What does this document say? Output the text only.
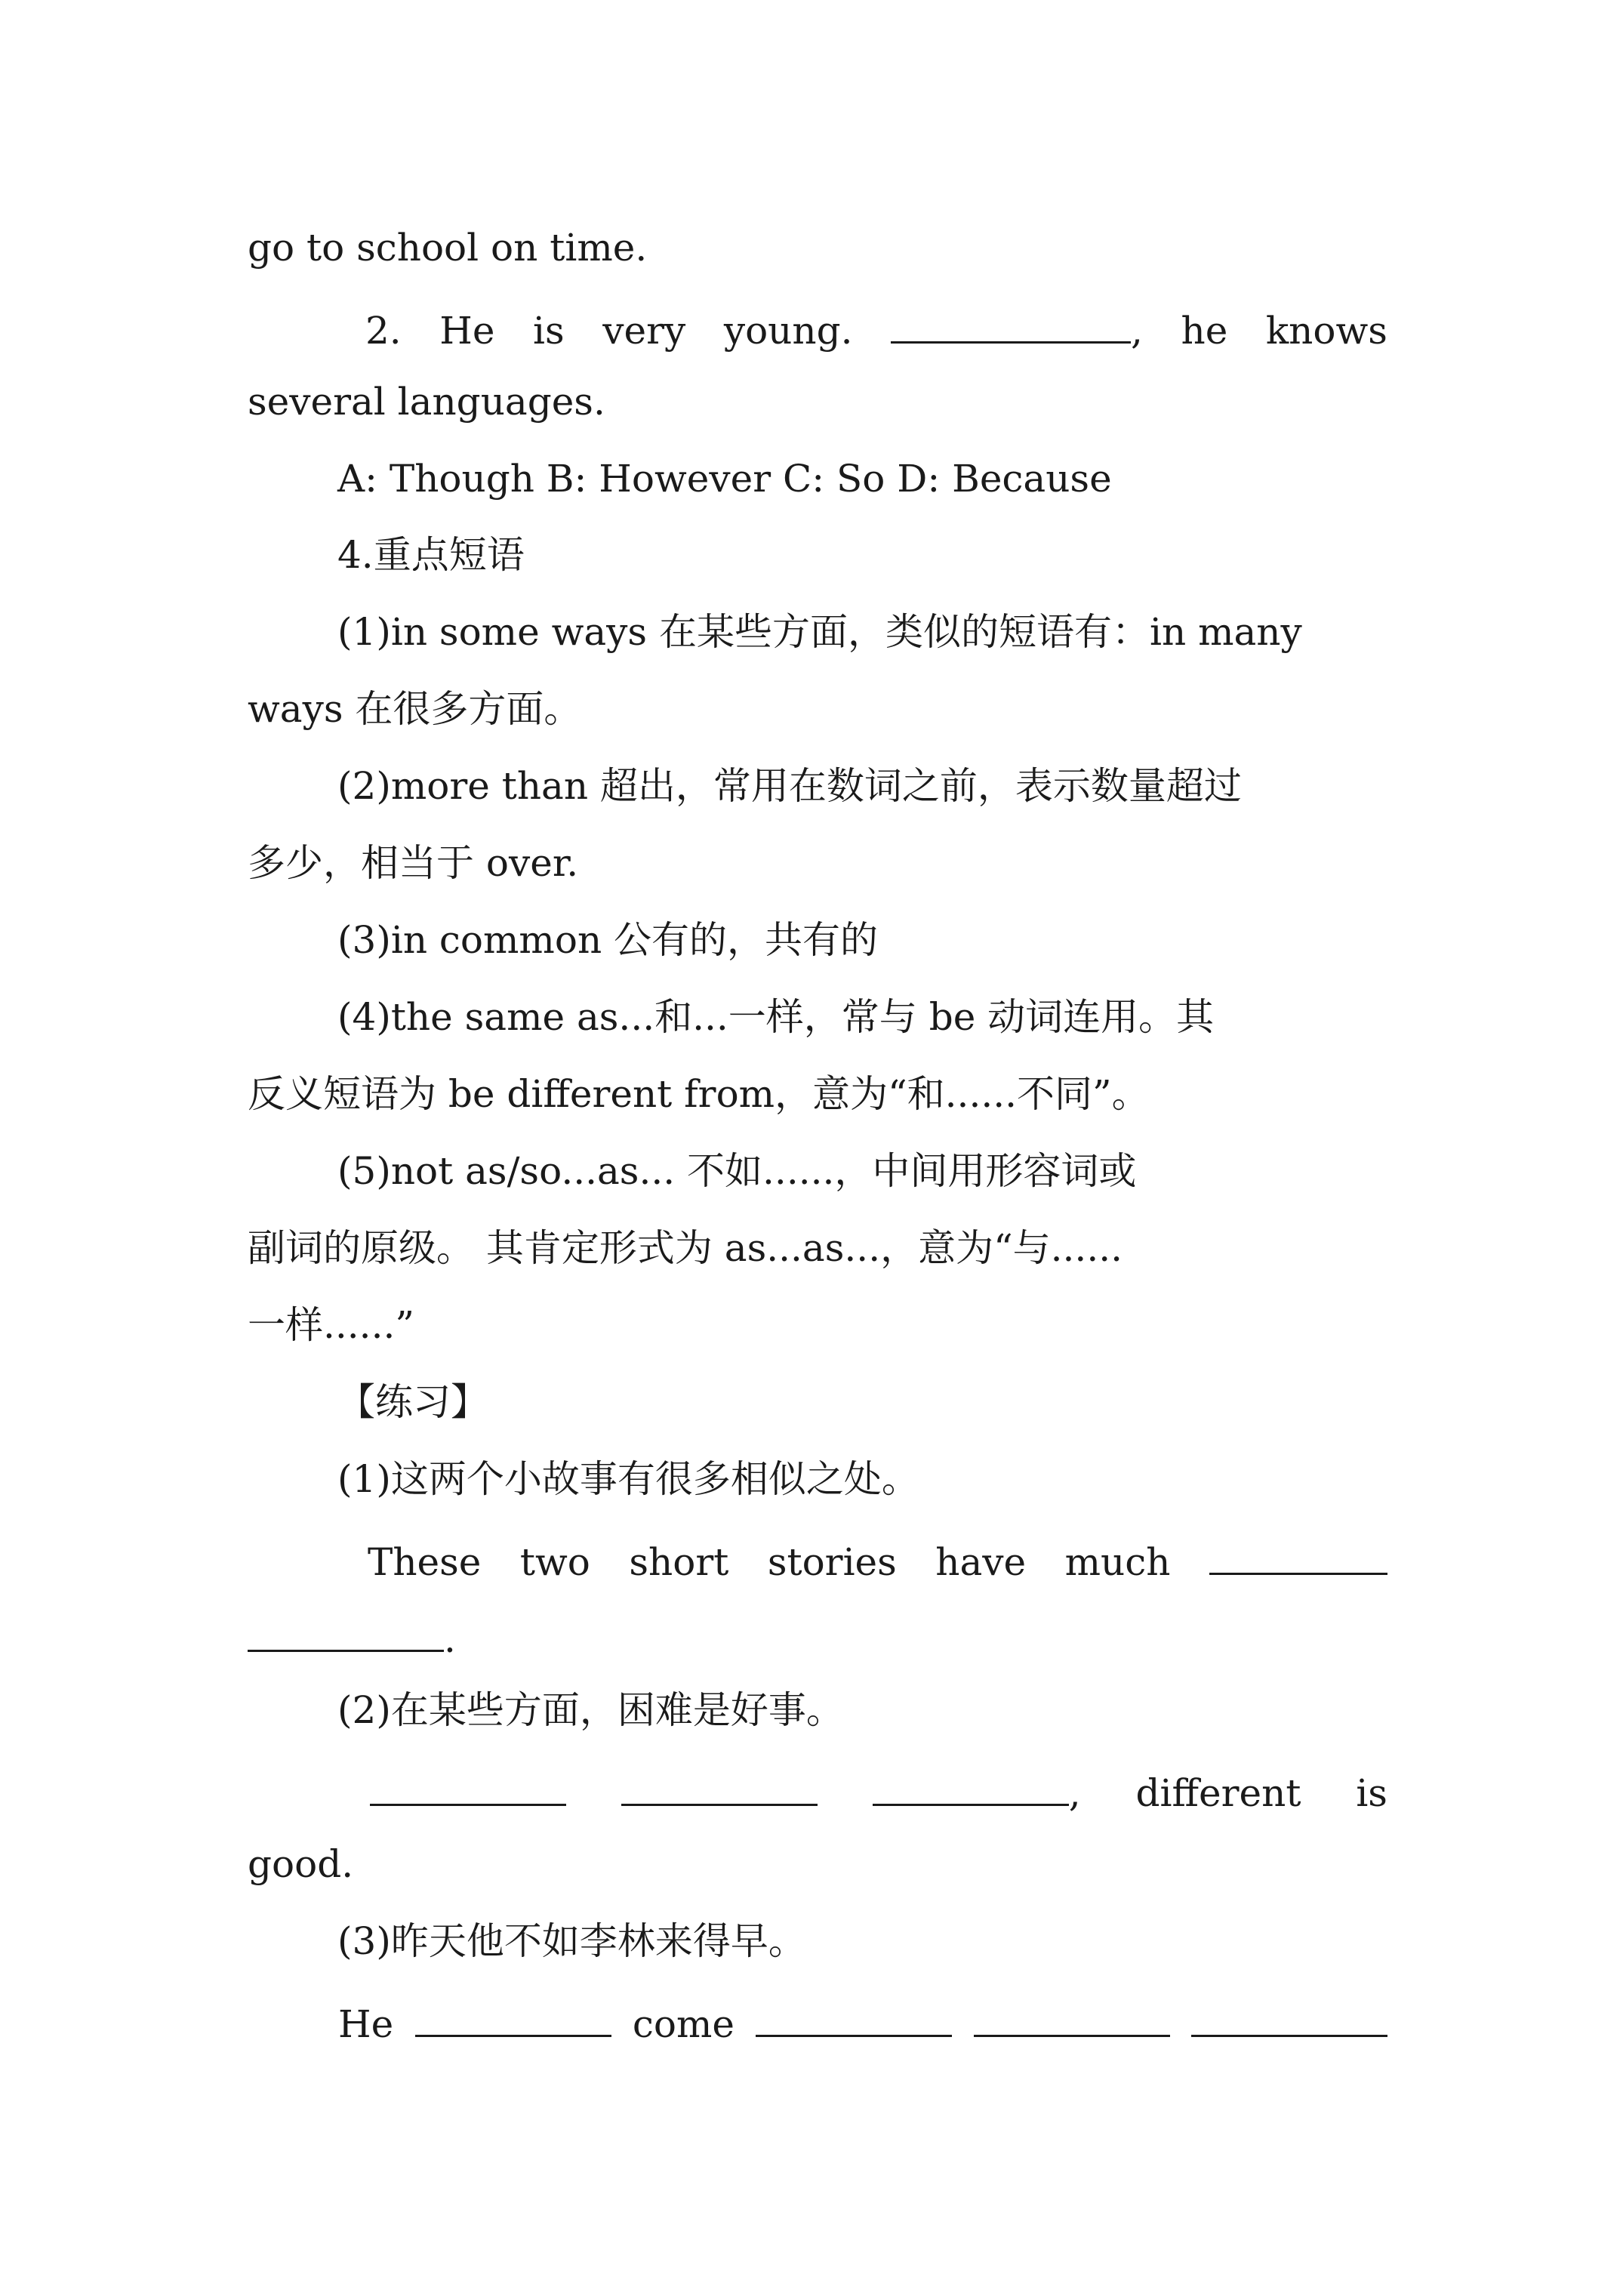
go to school on time.
2. He is very young.	, he knows
several languages.
A: Though B: However C: So D: Because
4.重点短语
(1)in some ways 在某些方面，类似的短语有：in many
ways 在很多方面。
(2)more than 超出，常用在数词之前，表示数量超过
多少，相当于 over.
(3)in common 公有的，共有的
(4)the same as...和...一样，常与 be 动词连用。其
反义短语为 be different from，意为“和......不同”。
(5)not as/so...as... 不如......，中间用形容词或
副词的原级。 其肯定形式为 as...as...，意为“与......
一样......”
【练习】
(1)这两个小故事有很多相似之处。
These two short stories have much
.
(2)在某些方面，困难是好事。
, different is
good.
(3)昨天他不如李林来得早。
He	come
